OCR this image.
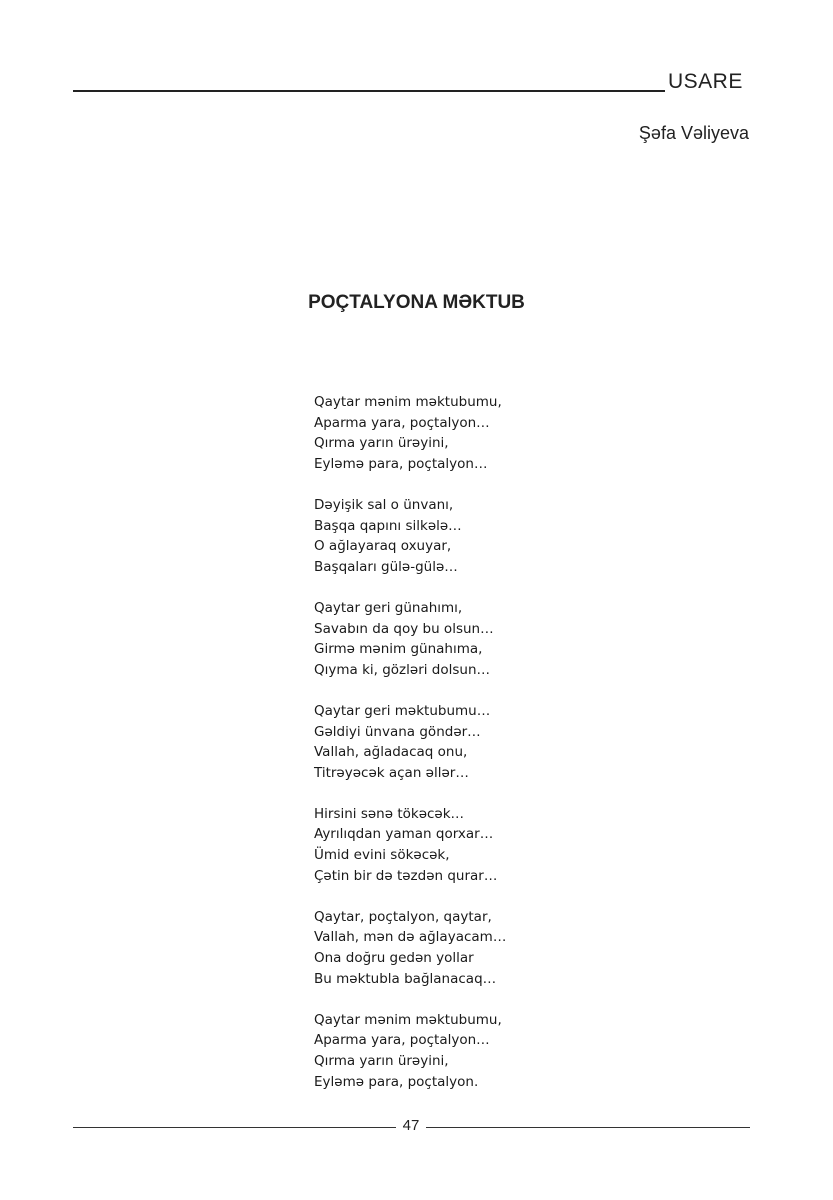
USARE
Şəfa Vəliyeva
POÇTALYONA MƏKTUB
Qaytar mənim məktubumu,
Aparma yara, poçtalyon…
Qırma yarın ürəyini,
Eyləmə para, poçtalyon…
Dəyişik sal o ünvanı,
Başqa qapını silkələ…
O ağlayaraq oxuyar,
Başqaları gülə-gülə…
Qaytar geri günahımı,
Savabın da qoy bu olsun…
Girmə mənim günahıma,
Qıyma ki, gözləri dolsun…
Qaytar geri məktubumu…
Gəldiyi ünvana göndər…
Vallah, ağladacaq onu,
Titrəyəcək açan əllər…
Hirsini sənə tökəcək…
Ayrılıqdan yaman qorxar…
Ümid evini sökəcək,
Çətin bir də təzdən qurar…
Qaytar, poçtalyon, qaytar,
Vallah, mən də ağlayacam…
Ona doğru gedən yollar
Bu məktubla bağlanacaq…
Qaytar mənim məktubumu,
Aparma yara, poçtalyon…
Qırma yarın ürəyini,
Eyləmə para, poçtalyon.
47
